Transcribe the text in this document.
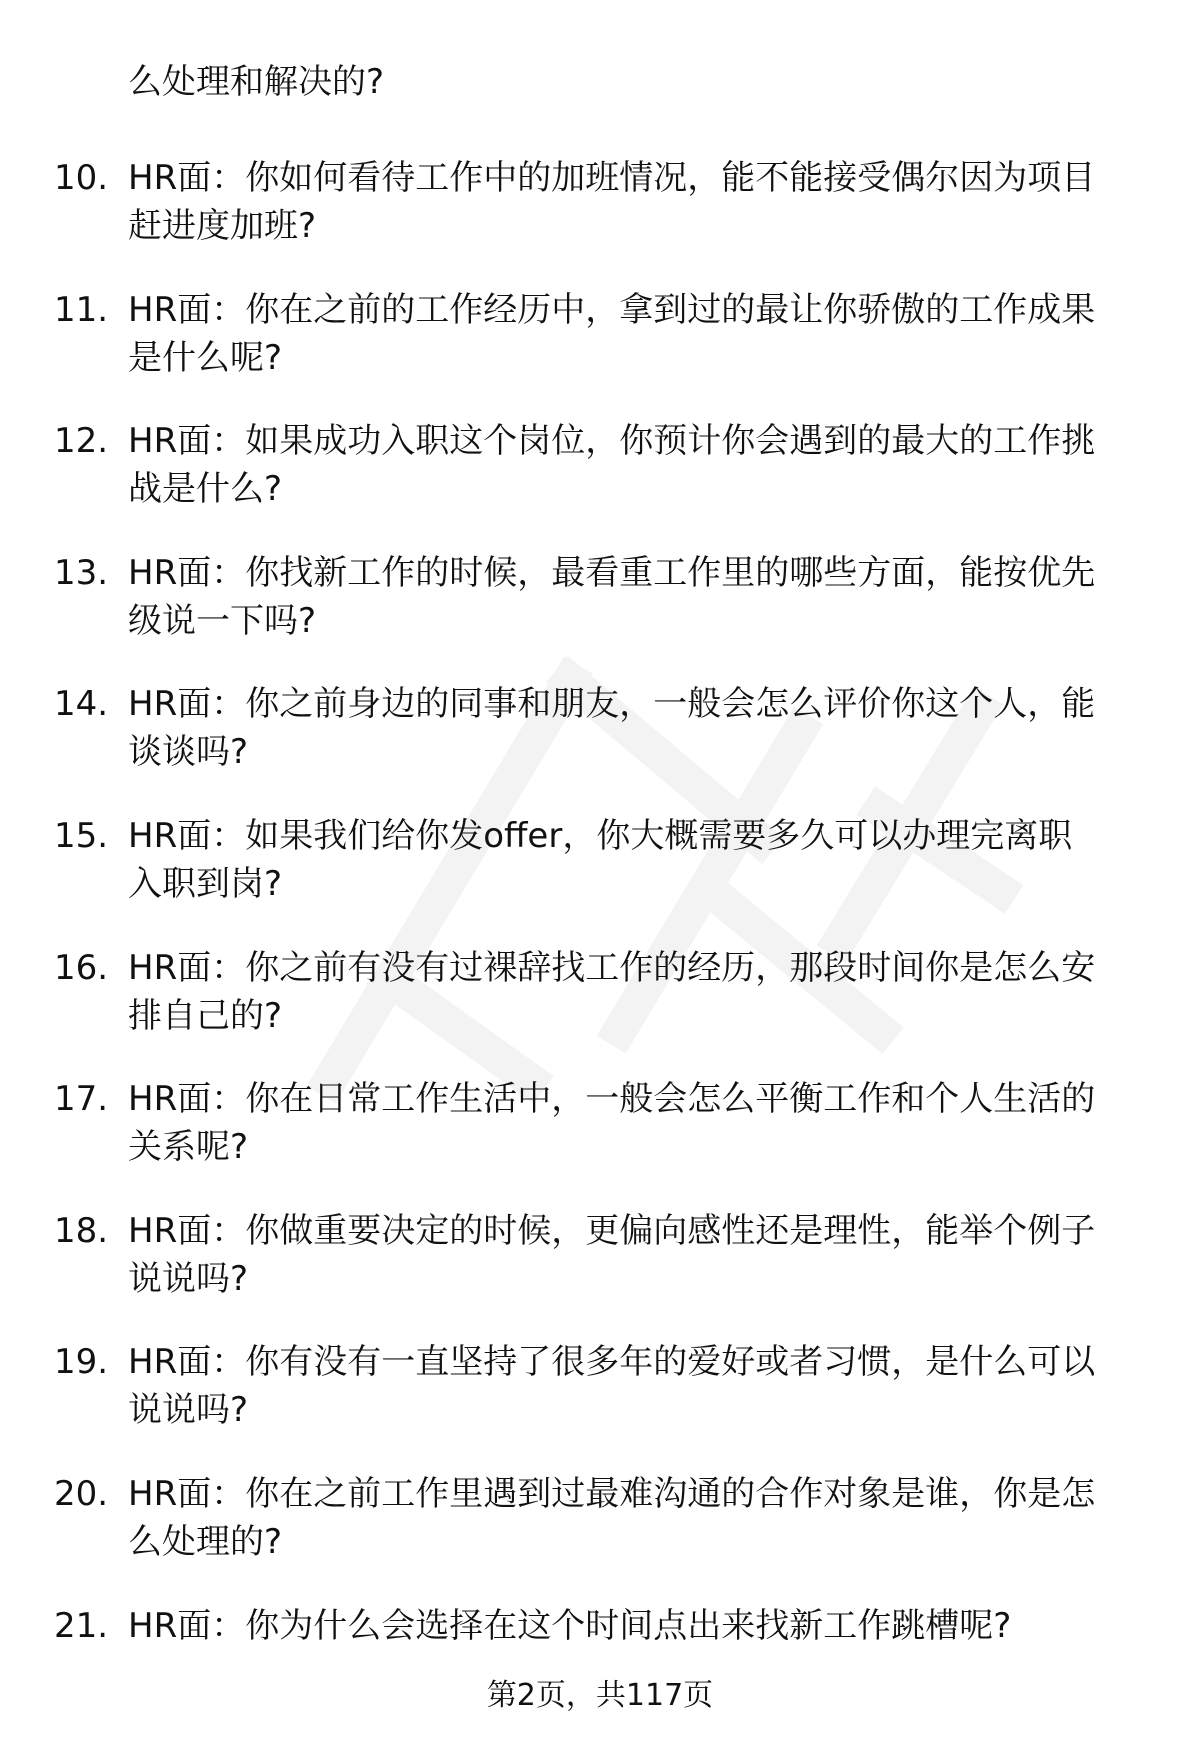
么处理和解决的?
10. HR面：你如何看待工作中的加班情况，能不能接受偶尔因为项目
赶进度加班?
11. HR面：你在之前的工作经历中，拿到过的最让你骄傲的工作成果
是什么呢?
12. HR面：如果成功入职这个岗位，你预计你会遇到的最大的工作挑
战是什么?
13. HR面：你找新工作的时候，最看重工作里的哪些方面，能按优先
级说一下吗?
14. HR面：你之前身边的同事和朋友，一般会怎么评价你这个人，能
谈谈吗?
15. HR面：如果我们给你发offer，你大概需要多久可以办理完离职
入职到岗?
16. HR面：你之前有没有过裸辞找工作的经历，那段时间你是怎么安
排自己的?
17. HR面：你在日常工作生活中，一般会怎么平衡工作和个人生活的
关系呢?
18. HR面：你做重要决定的时候，更偏向感性还是理性，能举个例子
说说吗?
19. HR面：你有没有一直坚持了很多年的爱好或者习惯，是什么可以
说说吗?
20. HR面：你在之前工作里遇到过最难沟通的合作对象是谁，你是怎
么处理的?
21. HR面：你为什么会选择在这个时间点出来找新工作跳槽呢?
第2页，共117页
